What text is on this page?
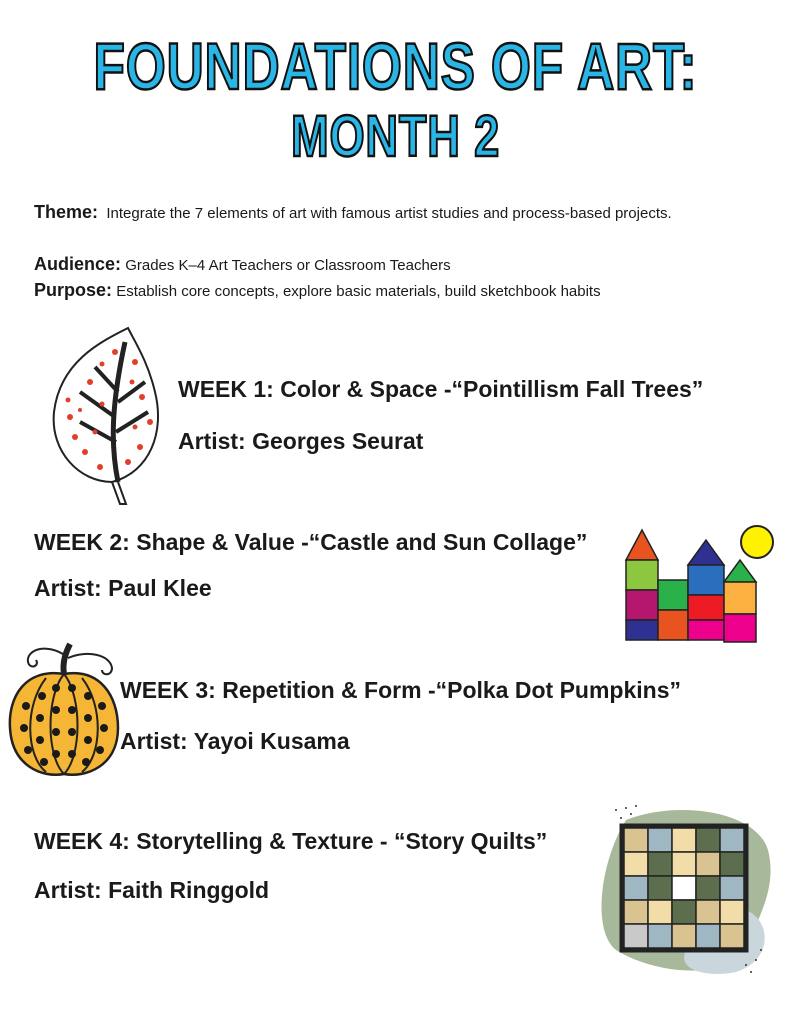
FOUNDATIONS OF ART:
MONTH 2
Theme: Integrate the 7 elements of art with famous artist studies and process-based projects.
Audience: Grades K–4 Art Teachers or Classroom Teachers
Purpose: Establish core concepts, explore basic materials, build sketchbook habits
WEEK 1: Color & Space -“Pointillism Fall Trees”
Artist: Georges Seurat
WEEK 2: Shape & Value -“Castle and Sun Collage”
Artist: Paul Klee
WEEK 3: Repetition & Form -“Polka Dot Pumpkins”
Artist: Yayoi Kusama
WEEK 4: Storytelling & Texture - “Story Quilts”
Artist: Faith Ringgold
